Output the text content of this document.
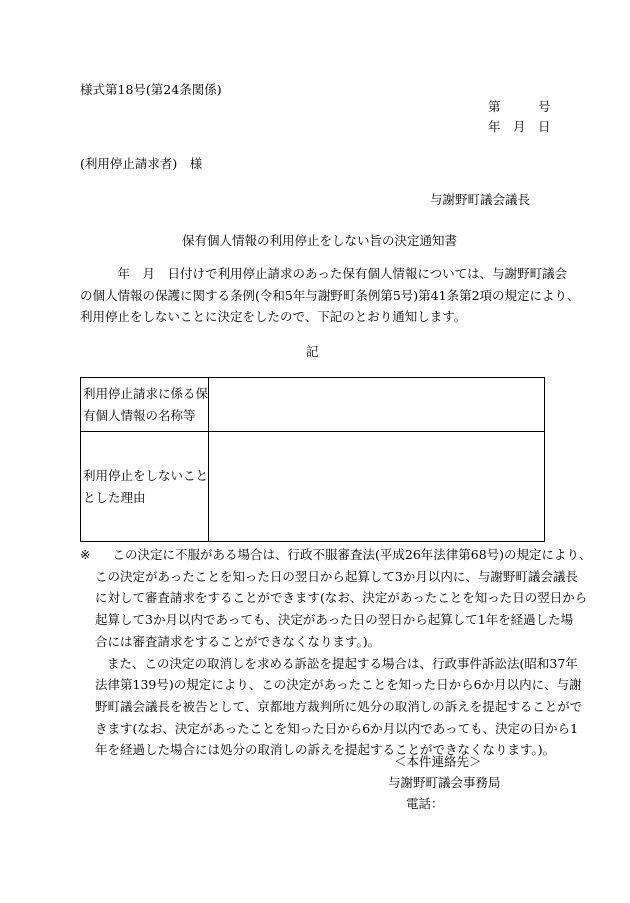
様式第18号(第24条関係)
第　　　号
年　月　日
(利用停止請求者)　様
与謝野町議会議長
保有個人情報の利用停止をしない旨の決定通知書
　　　年　月　日付けで利用停止請求のあった保有個人情報については、与謝野町議会
の個人情報の保護に関する条例(令和5年与謝野町条例第5号)第41条第2項の規定により、
利用停止をしないことに決定をしたので、下記のとおり通知します。
記
利用停止請求に係る保
有個人情報の名称等	

利用停止をしないこと
とした理由	

※ この決定に不服がある場合は、行政不服審査法(平成26年法律第68号)の規定により、
この決定があったことを知った日の翌日から起算して3か月以内に、与謝野町議会議長
に対して審査請求をすることができます(なお、決定があったことを知った日の翌日から
起算して3か月以内であっても、決定があった日の翌日から起算して1年を経過した場
合には審査請求をすることができなくなります。)。
また、この決定の取消しを求める訴訟を提起する場合は、行政事件訴訟法(昭和37年
法律第139号)の規定により、この決定があったことを知った日から6か月以内に、与謝
野町議会議長を被告として、京都地方裁判所に処分の取消しの訴えを提起することがで
きます(なお、決定があったことを知った日から6か月以内であっても、決定の日から1
年を経過した場合には処分の取消しの訴えを提起することができなくなります。)。
＜本件連絡先＞
与謝野町議会事務局
電話：
